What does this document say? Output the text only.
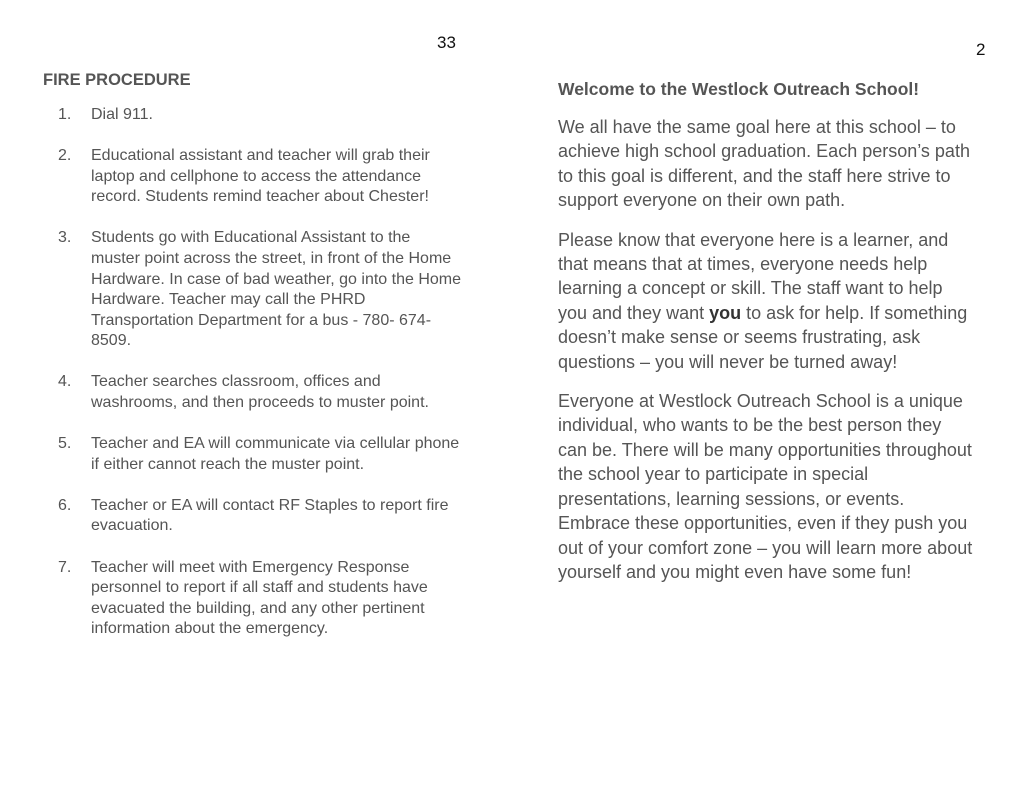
33	2
FIRE PROCEDURE
1. Dial 911.
2. Educational assistant and teacher will grab their laptop and cellphone to access the attendance record. Students remind teacher about Chester!
3. Students go with Educational Assistant to the muster point across the street, in front of the Home Hardware. In case of bad weather, go into the Home Hardware. Teacher may call the PHRD Transportation Department for a bus - 780- 674-8509.
4. Teacher searches classroom, offices and washrooms, and then proceeds to muster point.
5. Teacher and EA will communicate via cellular phone if either cannot reach the muster point.
6. Teacher or EA will contact RF Staples to report fire evacuation.
7. Teacher will meet with Emergency Response personnel to report if all staff and students have evacuated the building, and any other pertinent information about the emergency.
Welcome to the Westlock Outreach School!

We all have the same goal here at this school – to achieve high school graduation. Each person’s path to this goal is different, and the staff here strive to support everyone on their own path.

Please know that everyone here is a learner, and that means that at times, everyone needs help learning a concept or skill. The staff want to help you and they want you to ask for help. If something doesn’t make sense or seems frustrating, ask questions – you will never be turned away!

Everyone at Westlock Outreach School is a unique individual, who wants to be the best person they can be. There will be many opportunities throughout the school year to participate in special presentations, learning sessions, or events. Embrace these opportunities, even if they push you out of your comfort zone – you will learn more about yourself and you might even have some fun!
